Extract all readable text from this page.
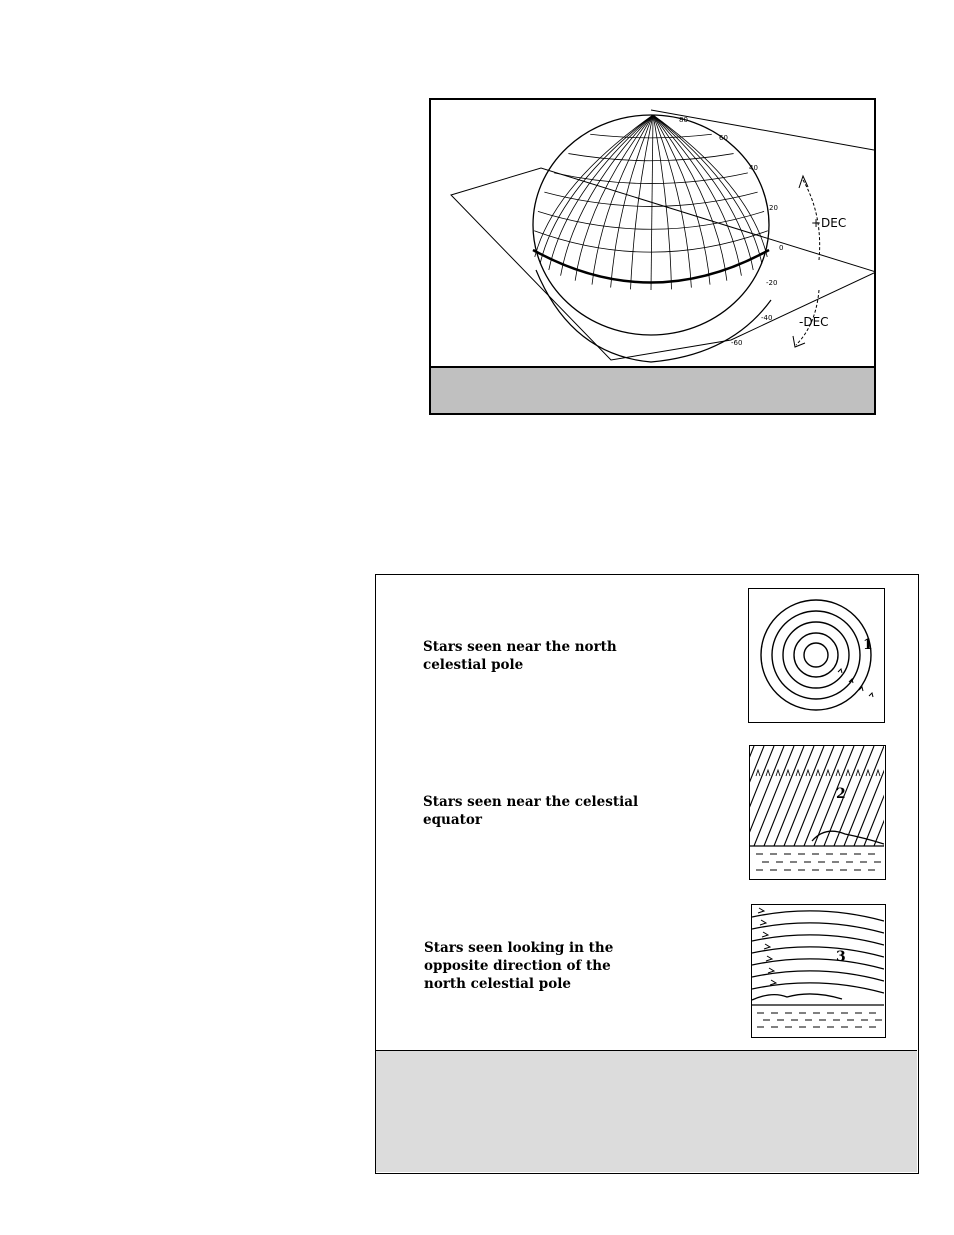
+DEC
-DEC
80
60
40
20
0
-20
-40
-60
Stars seen near the north
celestial pole
Stars seen near the celestial
equator
Stars seen looking in the
opposite direction of the
north celestial pole
1
2
3
